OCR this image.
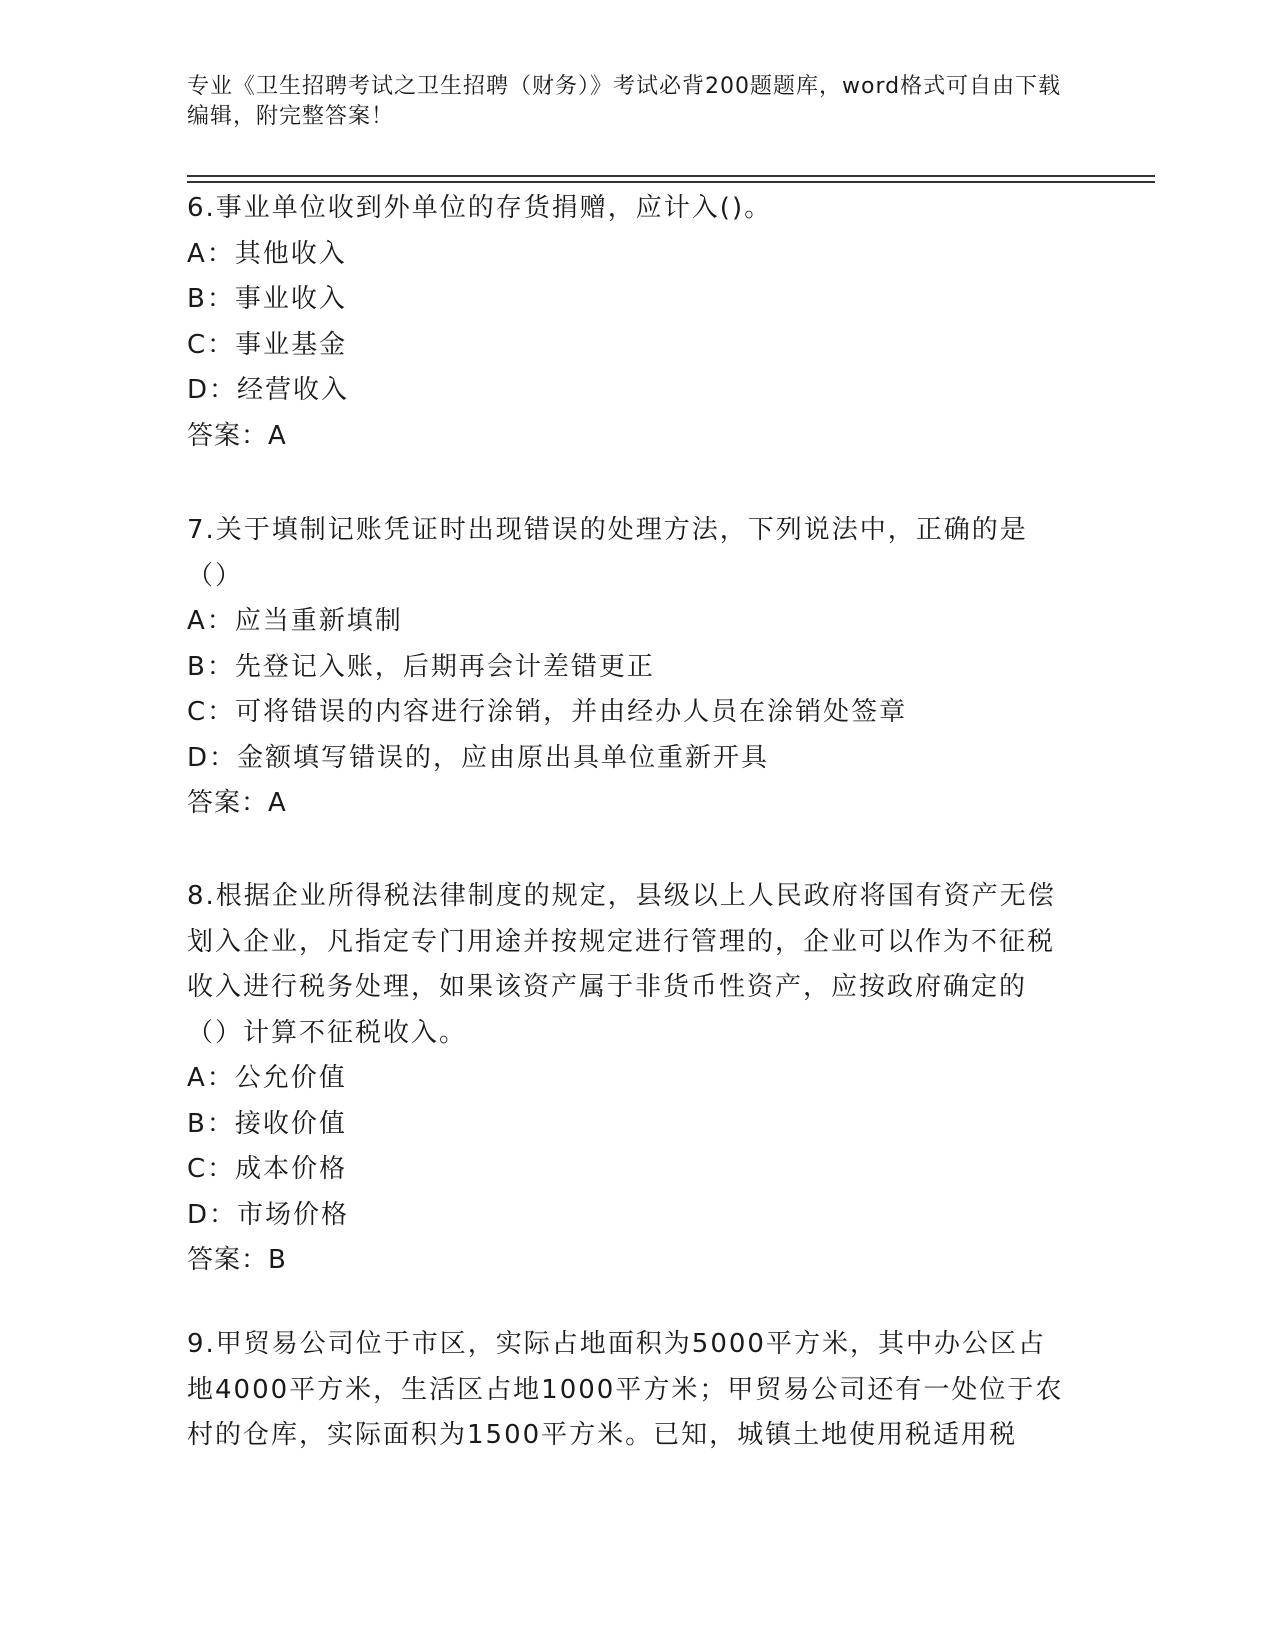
专业《卫生招聘考试之卫生招聘（财务）》考试必背200题题库，word格式可自由下载编辑，附完整答案！

6.事业单位收到外单位的存货捐赠，应计入()。

A：其他收入

B：事业收入

C：事业基金

D：经营收入

答案：A

7.关于填制记账凭证时出现错误的处理方法，下列说法中，正确的是（）

A：应当重新填制

B：先登记入账，后期再会计差错更正

C：可将错误的内容进行涂销，并由经办人员在涂销处签章

D：金额填写错误的，应由原出具单位重新开具

答案：A

8.根据企业所得税法律制度的规定，县级以上人民政府将国有资产无偿划入企业，凡指定专门用途并按规定进行管理的，企业可以作为不征税收入进行税务处理，如果该资产属于非货币性资产，应按政府确定的（）计算不征税收入。

A：公允价值

B：接收价值

C：成本价格

D：市场价格

答案：B

9.甲贸易公司位于市区，实际占地面积为5000平方米，其中办公区占地4000平方米，生活区占地1000平方米；甲贸易公司还有一处位于农村的仓库，实际面积为1500平方米。已知，城镇土地使用税适用税
